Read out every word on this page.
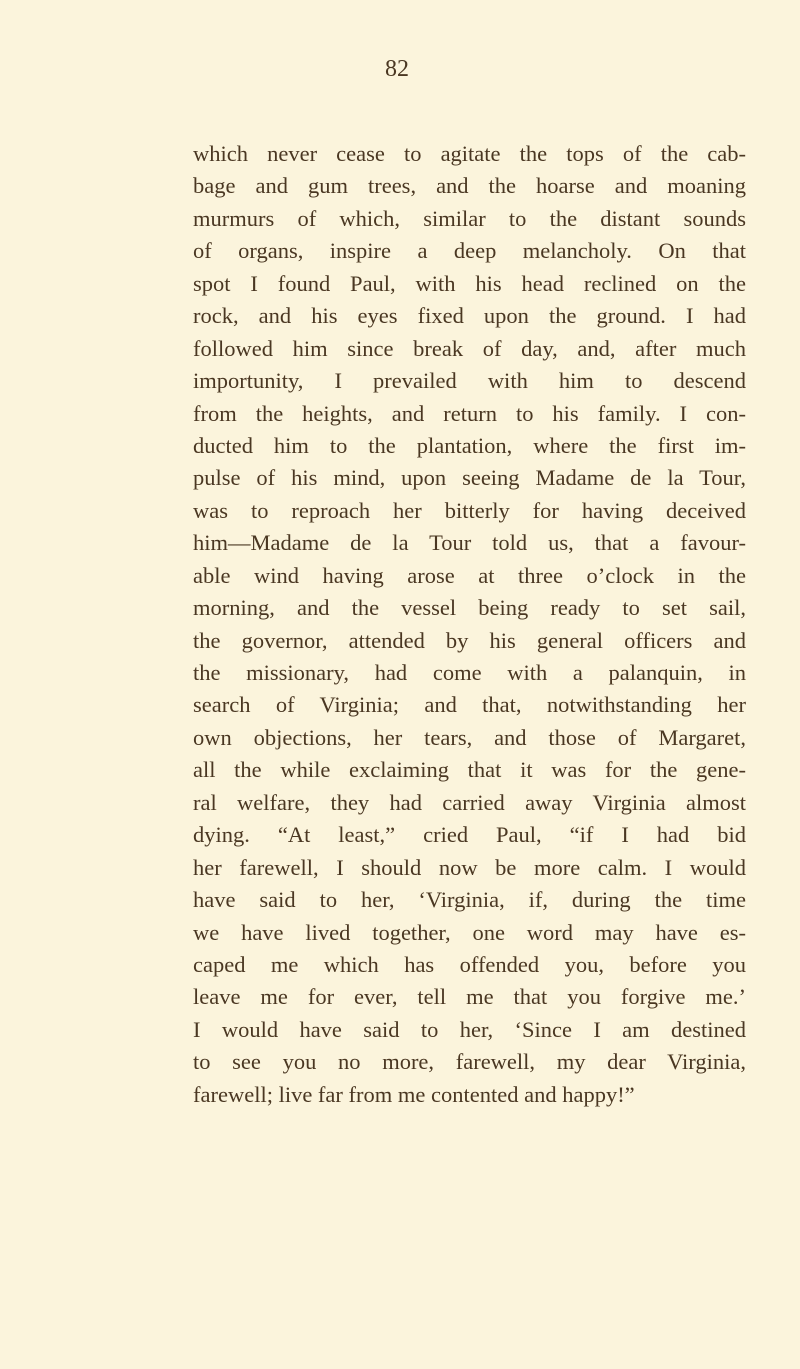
82
which never cease to agitate the tops of the cab-
bage and gum trees, and the hoarse and moaning
murmurs of which, similar to the distant sounds
of organs, inspire a deep melancholy. On that
spot I found Paul, with his head reclined on the
rock, and his eyes fixed upon the ground. I had
followed him since break of day, and, after much
importunity, I prevailed with him to descend
from the heights, and return to his family. I con-
ducted him to the plantation, where the first im-
pulse of his mind, upon seeing Madame de la Tour,
was to reproach her bitterly for having deceived
him—Madame de la Tour told us, that a favour-
able wind having arose at three o’clock in the
morning, and the vessel being ready to set sail,
the governor, attended by his general officers and
the missionary, had come with a palanquin, in
search of Virginia; and that, notwithstanding her
own objections, her tears, and those of Margaret,
all the while exclaiming that it was for the gene-
ral welfare, they had carried away Virginia almost
dying. “At least,” cried Paul, “if I had bid
her farewell, I should now be more calm. I would
have said to her, ‘Virginia, if, during the time
we have lived together, one word may have es-
caped me which has offended you, before you
leave me for ever, tell me that you forgive me.’
I would have said to her, ‘Since I am destined
to see you no more, farewell, my dear Virginia,
farewell; live far from me contented and happy!”
